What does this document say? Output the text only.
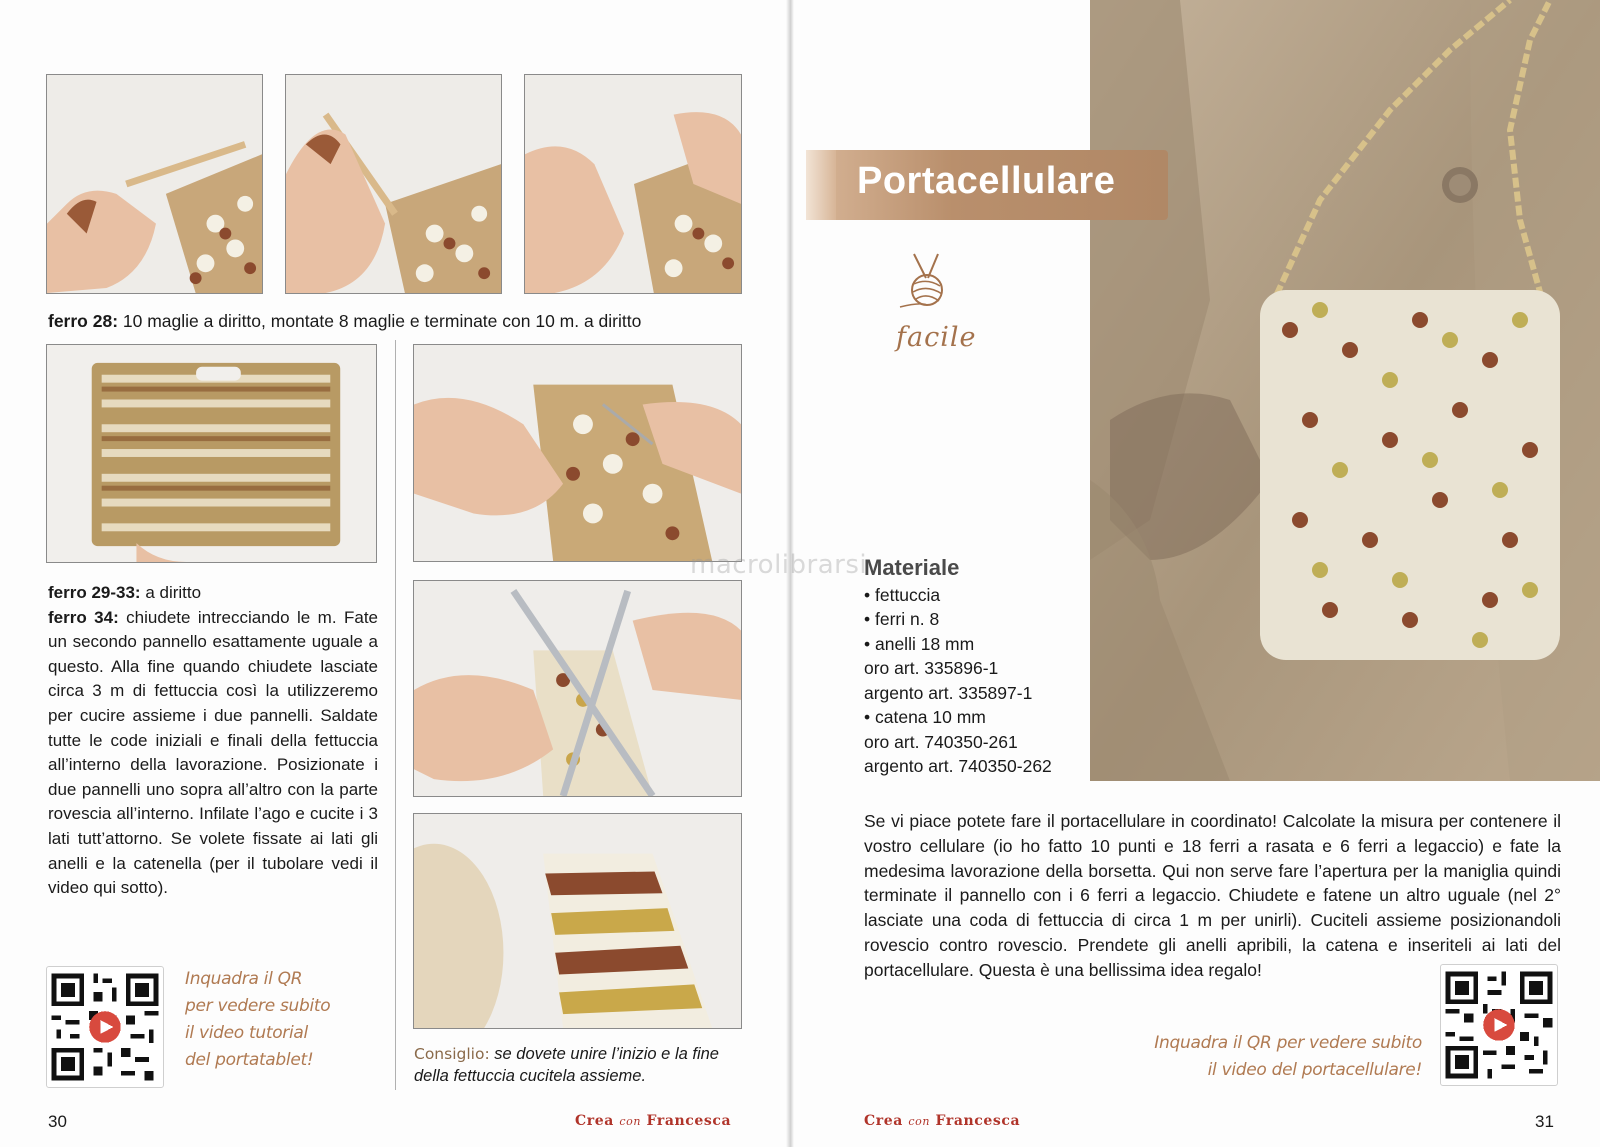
ferro 28: 10 maglie a diritto, montate 8 maglie e terminate con 10 m. a diritto

ferro 29-33: a diritto

ferro 34: chiudete intrecciando le m. Fate un secondo pannello esattamente uguale a questo. Alla fine quando chiudete lasciate circa 3 m di fettuccia così la utilizzeremo per cucire assieme i due pannelli. Saldate tutte le code iniziali e finali della fettuccia all’interno della lavorazione. Posizionate i due pannelli uno sopra all’altro con la parte rovescia all’interno. Infilate l’ago e cucite i 3 lati tutt’attorno. Se volete fissate ai lati gli anelli e la catenella (per il tubolare vedi il video qui sotto).

Inquadra il QR
per vedere subito
il video tutorial
del portatablet!	Consiglio: se dovete unire l’inizio e la fine della fettuccia cucitela assieme.

30	Crea con Francesca
Portacellulare
facile
macrolibrarsi
Materiale
• fettuccia
• ferri n. 8
• anelli 18 mm
oro art. 335896-1
argento art. 335897-1
• catena 10 mm
oro art. 740350-261
argento art. 740350-262

Se vi piace potete fare il portacellulare in coordinato! Calcolate la misura per contenere il vostro cellulare (io ho fatto 10 punti e 18 ferri a rasata e 6 ferri a legaccio) e fate la medesima lavorazione della borsetta. Qui non serve fare l’apertura per la maniglia quindi terminate il pannello con i 6 ferri a legaccio. Chiudete e fatene un altro uguale (nel 2° lasciate una coda di fettuccia di circa 1 m per unirli). Cuciteli assieme posizionandoli rovescio contro rovescio. Prendete gli anelli apribili, la catena e inseriteli ai lati del portacellulare. Questa è una bellissima idea regalo!

Inquadra il QR per vedere subito
il video del portacellulare!
Crea con Francesca	31
